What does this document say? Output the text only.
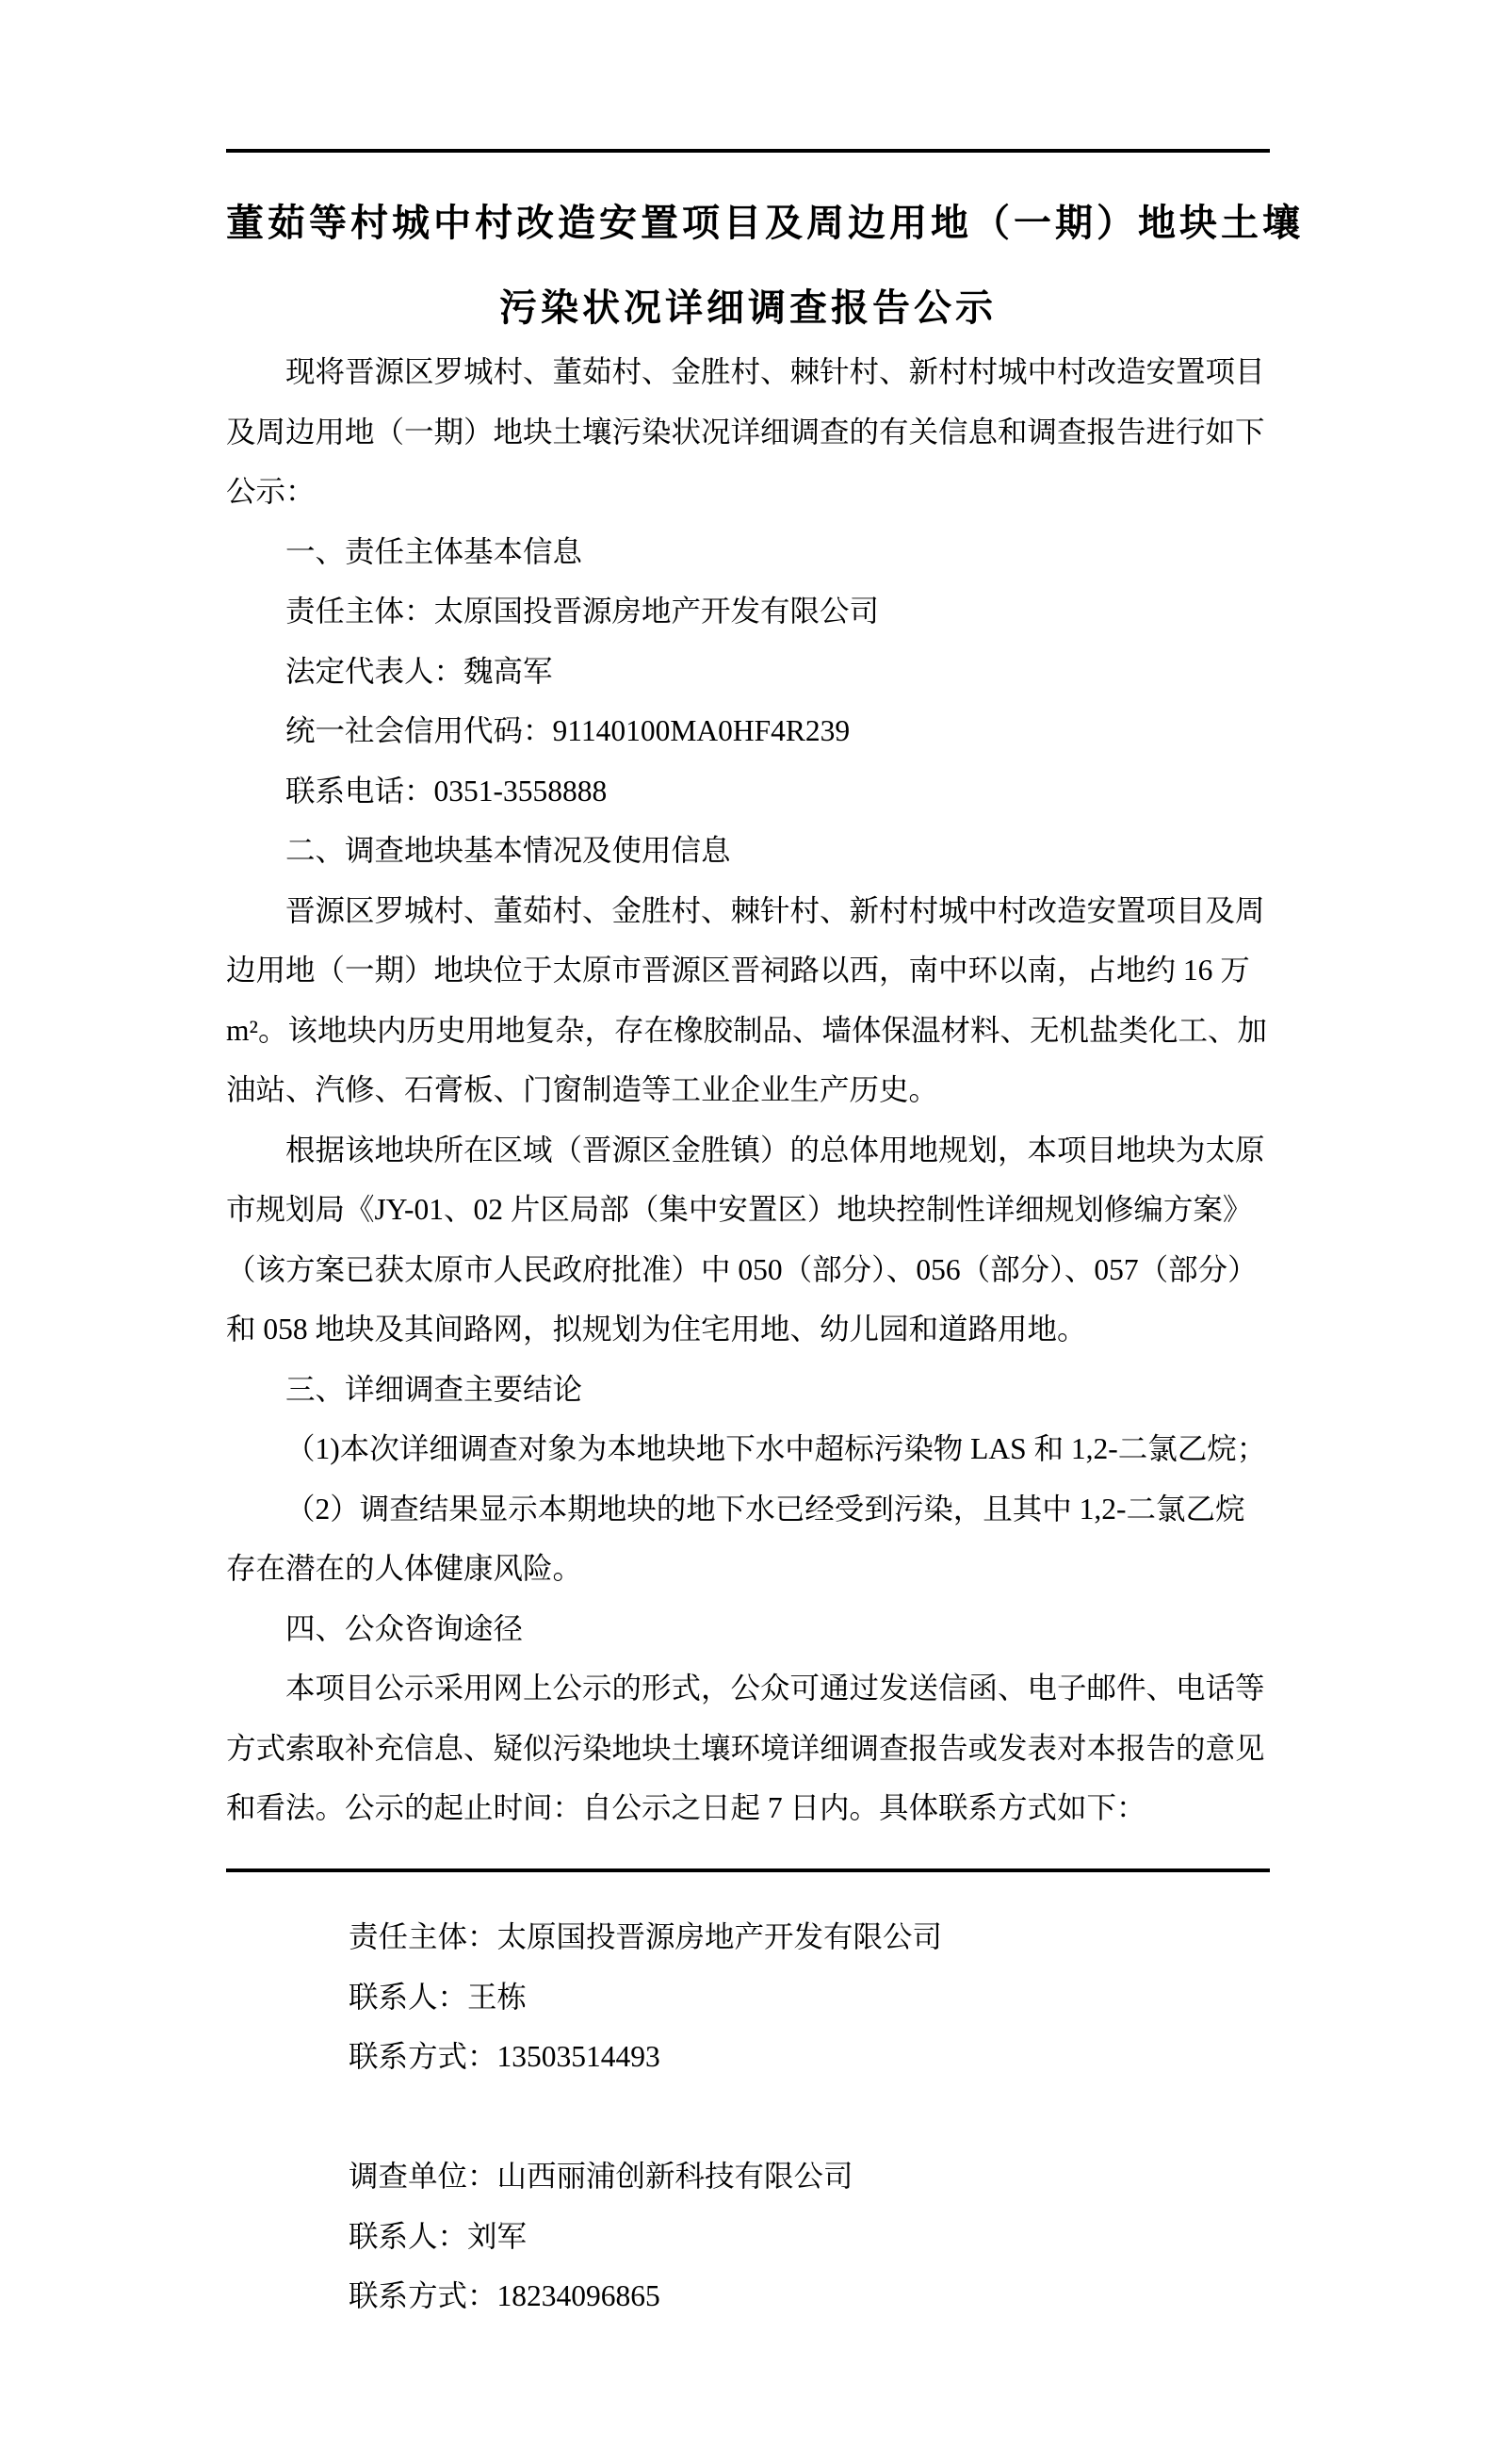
董茹等村城中村改造安置项目及周边用地（一期）地块土壤
污染状况详细调查报告公示
现将晋源区罗城村、董茹村、金胜村、棘针村、新村村城中村改造安置项目
及周边用地（一期）地块土壤污染状况详细调查的有关信息和调查报告进行如下
公示：
一、责任主体基本信息
责任主体：太原国投晋源房地产开发有限公司
法定代表人：魏高军
统一社会信用代码：91140100MA0HF4R239
联系电话：0351-3558888
二、调查地块基本情况及使用信息
晋源区罗城村、董茹村、金胜村、棘针村、新村村城中村改造安置项目及周
边用地（一期）地块位于太原市晋源区晋祠路以西，南中环以南，占地约 16 万
m²。该地块内历史用地复杂，存在橡胶制品、墙体保温材料、无机盐类化工、加
油站、汽修、石膏板、门窗制造等工业企业生产历史。
根据该地块所在区域（晋源区金胜镇）的总体用地规划，本项目地块为太原
市规划局《JY-01、02 片区局部（集中安置区）地块控制性详细规划修编方案》
（该方案已获太原市人民政府批准）中 050（部分）、056（部分）、057（部分）
和 058 地块及其间路网，拟规划为住宅用地、幼儿园和道路用地。
三、详细调查主要结论
（1)本次详细调查对象为本地块地下水中超标污染物 LAS 和 1,2-二氯乙烷；
（2）调查结果显示本期地块的地下水已经受到污染，且其中 1,2-二氯乙烷
存在潜在的人体健康风险。
四、公众咨询途径
本项目公示采用网上公示的形式，公众可通过发送信函、电子邮件、电话等
方式索取补充信息、疑似污染地块土壤环境详细调查报告或发表对本报告的意见
和看法。公示的起止时间：自公示之日起 7 日内。具体联系方式如下：
责任主体：太原国投晋源房地产开发有限公司
联系人：王栋
联系方式：13503514493
调查单位：山西丽浦创新科技有限公司
联系人：刘军
联系方式：18234096865
